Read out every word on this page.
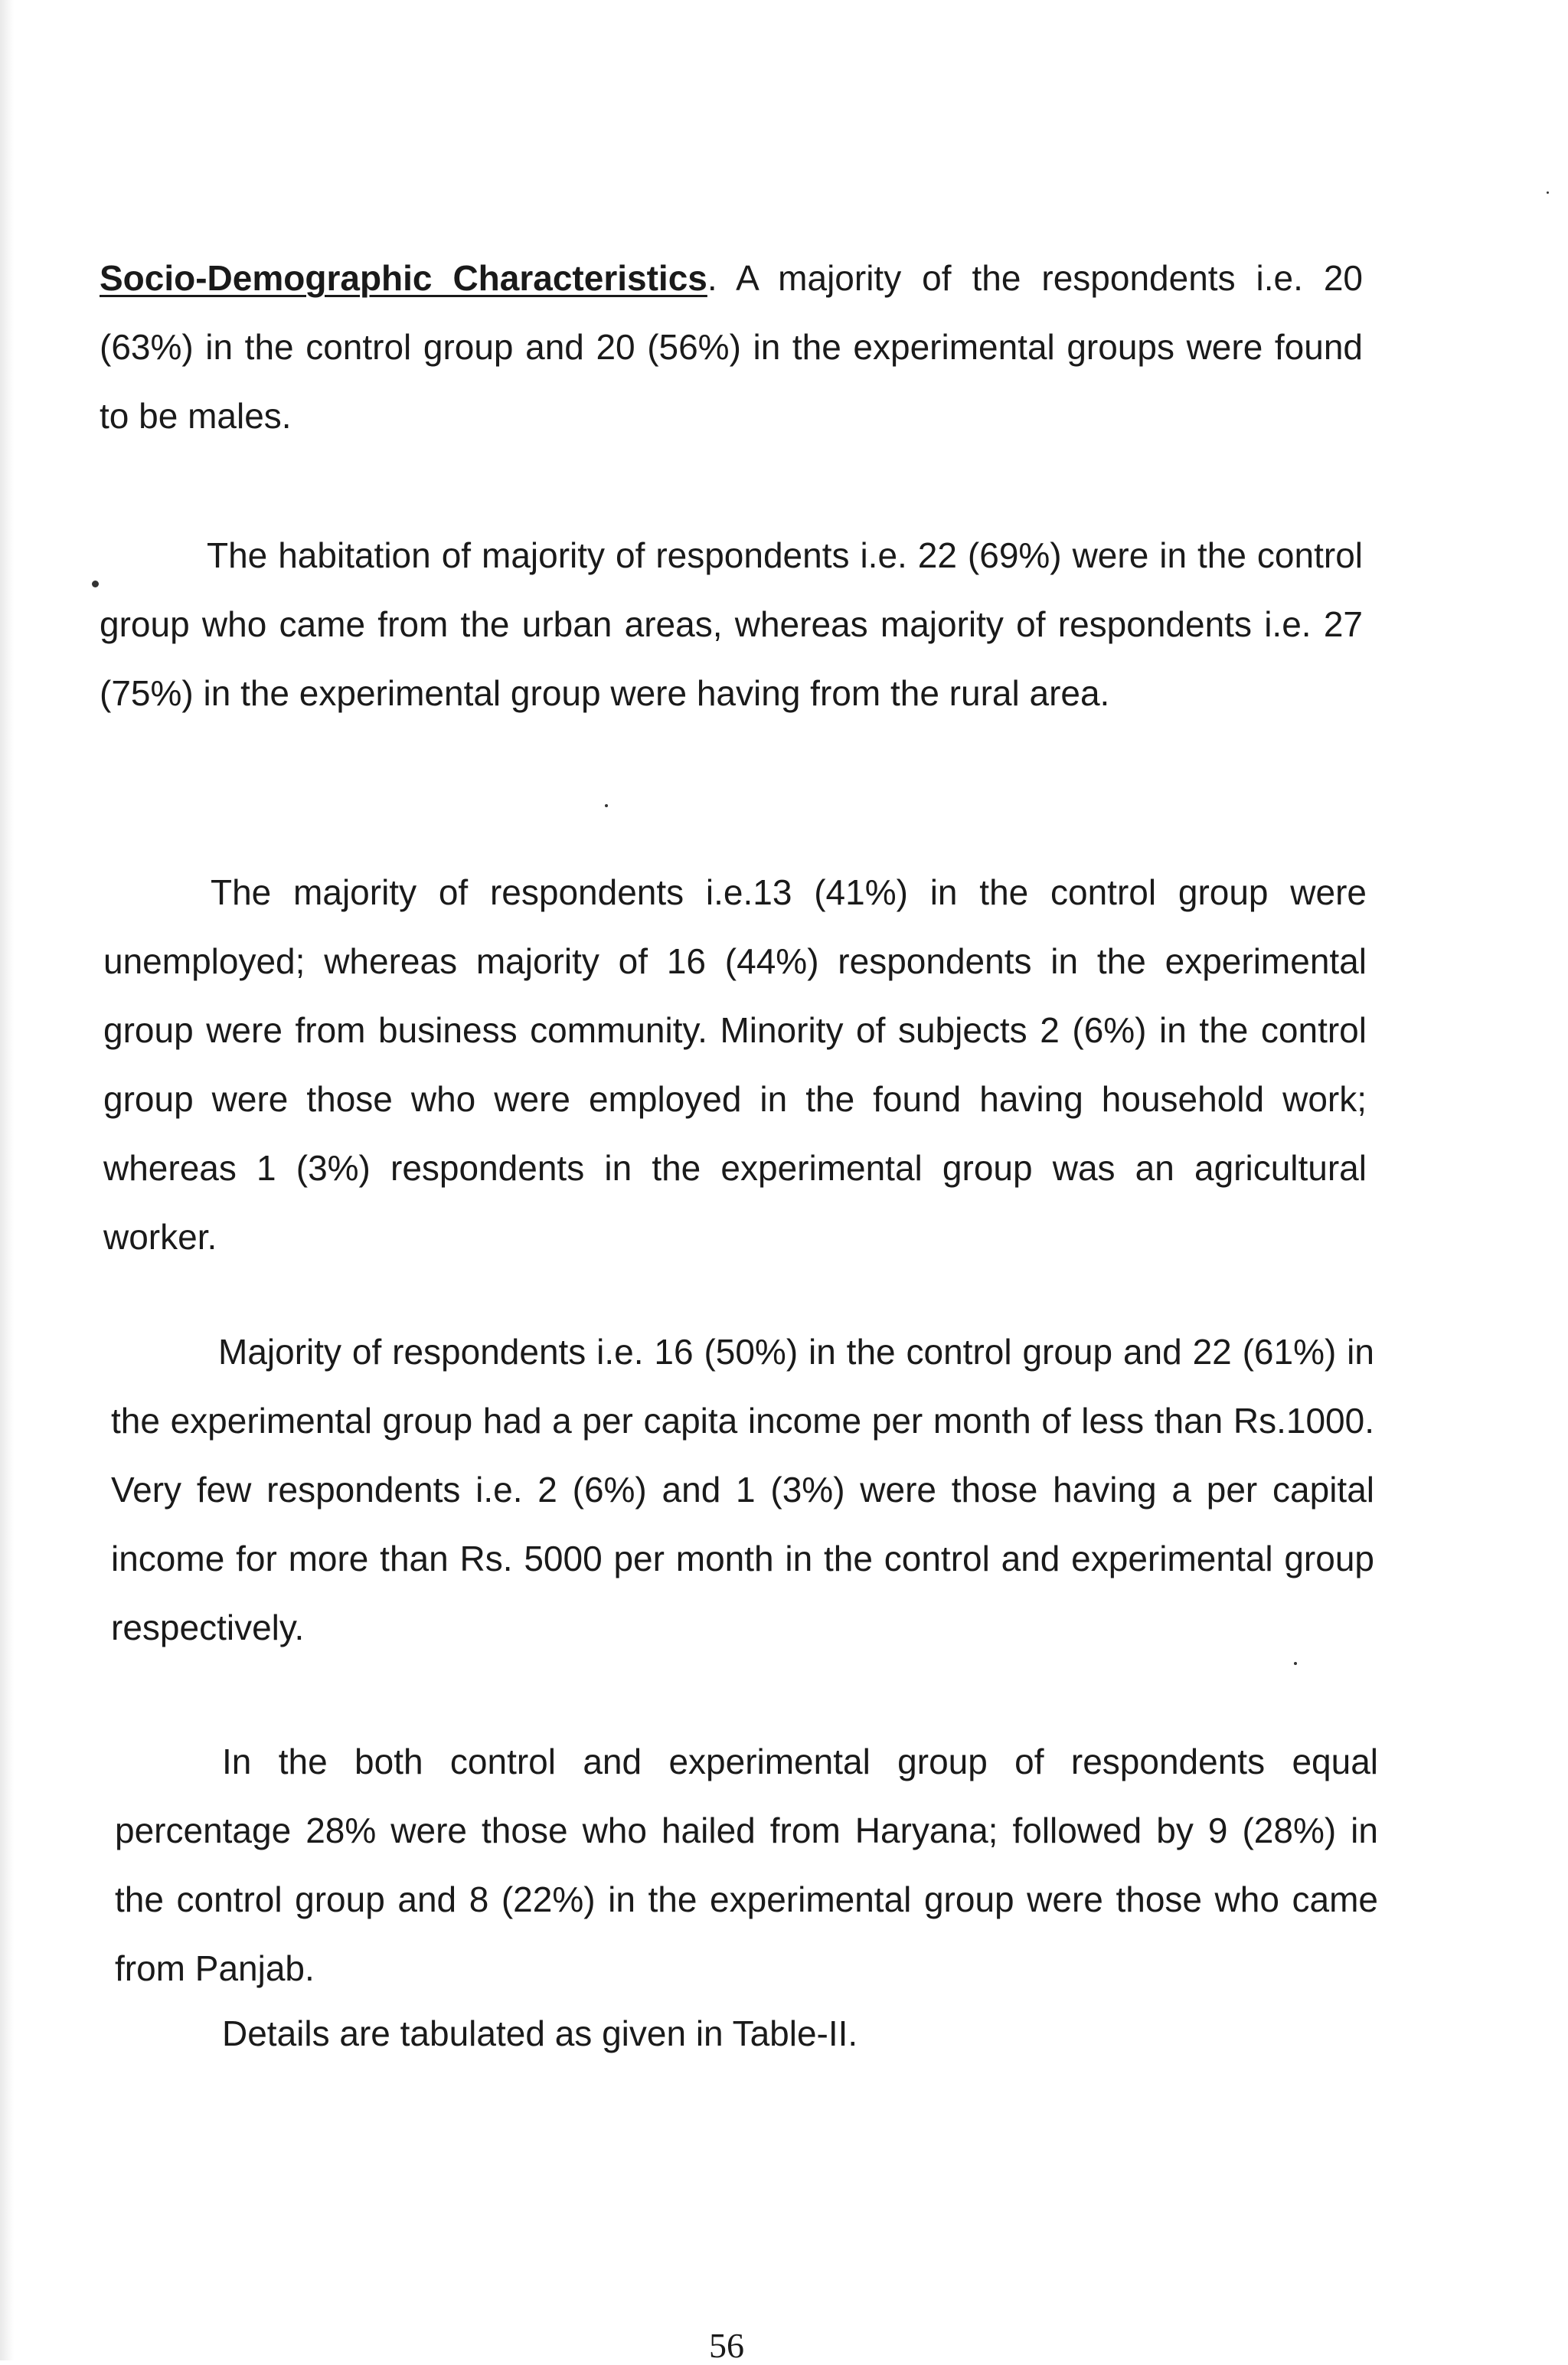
Socio-Demographic Characteristics. A majority of the respondents i.e. 20 (63%) in the control group and 20 (56%) in the experimental groups were found to be males.

The habitation of majority of respondents i.e. 22 (69%) were in the control group who came from the urban areas, whereas majority of respondents i.e. 27 (75%) in the experimental group were having from the rural area.

The majority of respondents i.e.13 (41%) in the control group were unemployed; whereas majority of 16 (44%) respondents in the experimental group were from business community. Minority of subjects 2 (6%) in the control group were those who were employed in the found having household work; whereas 1 (3%) respondents in the experimental group was an agricultural worker.

Majority of respondents i.e. 16 (50%) in the control group and 22 (61%) in the experimental group had a per capita income per month of less than Rs.1000. Very few respondents i.e. 2 (6%) and 1 (3%) were those having a per capital income for more than Rs. 5000 per month in the control and experimental group respectively.

In the both control and experimental group of respondents equal percentage 28% were those who hailed from Haryana; followed by 9 (28%) in the control group and 8 (22%) in the experimental group were those who came from Panjab.

Details are tabulated as given in Table-II.

56
